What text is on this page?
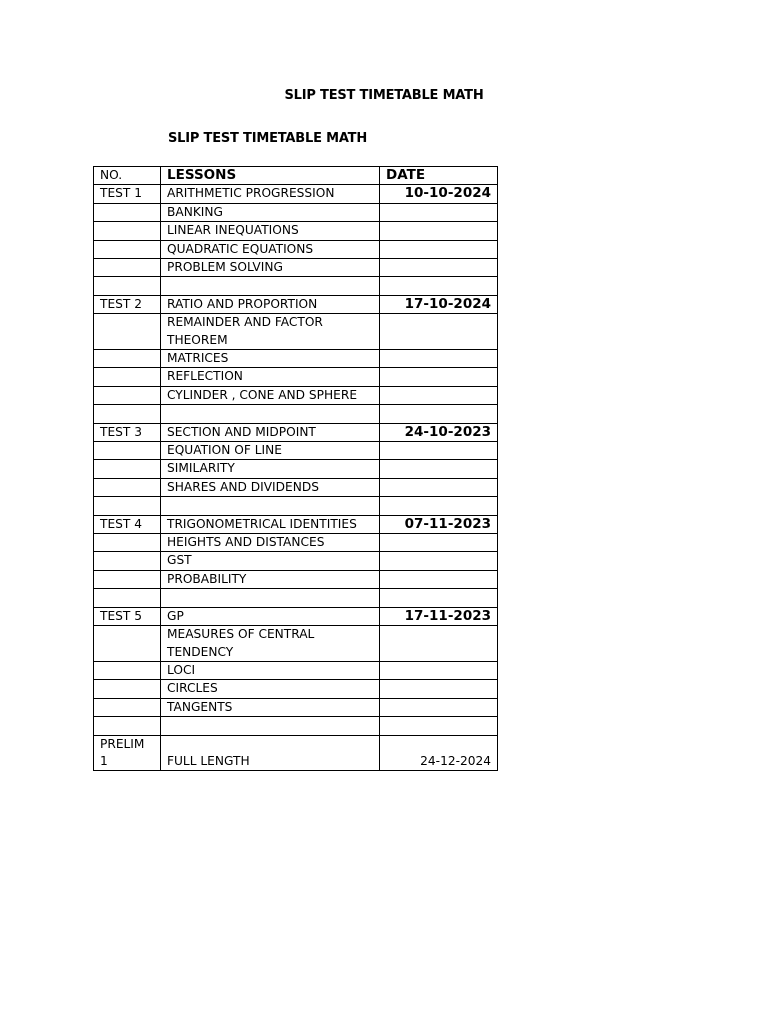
SLIP TEST TIMETABLE MATH
SLIP TEST TIMETABLE MATH
NO.	LESSONS	DATE
TEST 1	ARITHMETIC PROGRESSION	10-10-2024
	BANKING	
	LINEAR INEQUATIONS	
	QUADRATIC EQUATIONS	
	PROBLEM SOLVING	

TEST 2	RATIO AND PROPORTION	17-10-2024
	REMAINDER AND FACTOR THEOREM	
	MATRICES	
	REFLECTION	
	CYLINDER , CONE AND SPHERE	

TEST 3	SECTION AND MIDPOINT	24-10-2023
	EQUATION OF LINE	
	SIMILARITY	
	SHARES AND DIVIDENDS	

TEST 4	TRIGONOMETRICAL IDENTITIES	07-11-2023
	HEIGHTS AND DISTANCES	
	GST	
	PROBABILITY	

TEST 5	GP	17-11-2023
	MEASURES OF CENTRAL TENDENCY	
	LOCI	
	CIRCLES	
	TANGENTS	

PRELIM 1	FULL LENGTH	24-12-2024
